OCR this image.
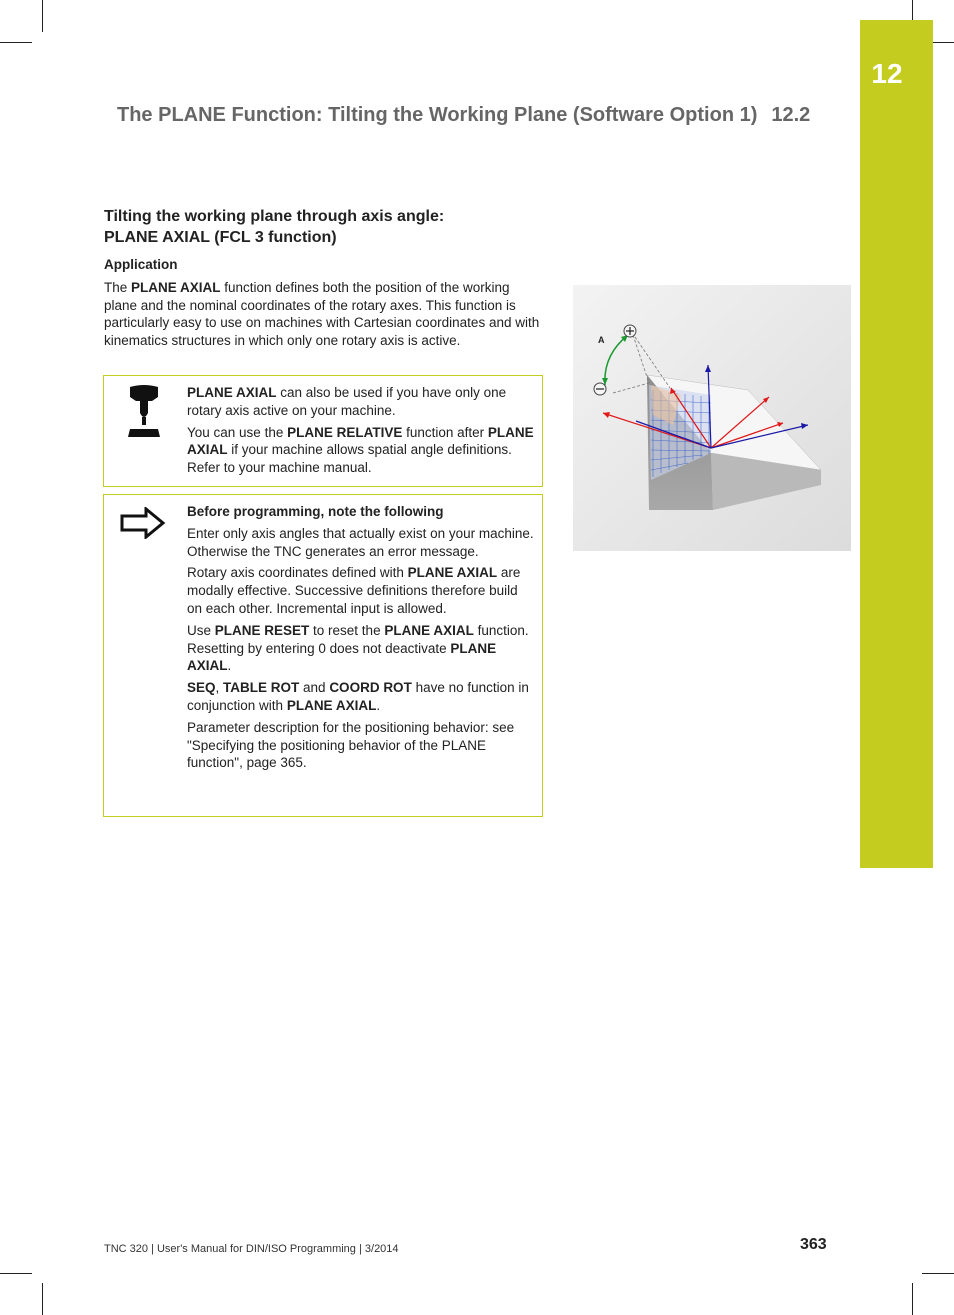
12
The PLANE Function: Tilting the Working Plane (Software Option 1) 12.2
Tilting the working plane through axis angle:
PLANE AXIAL (FCL 3 function)
Application

The PLANE AXIAL function defines both the position of the working plane and the nominal coordinates of the rotary axes. This function is particularly easy to use on machines with Cartesian coordinates and with kinematics structures in which only one rotary axis is active.

PLANE AXIAL can also be used if you have only one rotary axis active on your machine.

You can use the PLANE RELATIVE function after PLANE AXIAL if your machine allows spatial angle definitions. Refer to your machine manual.

Before programming, note the following

Enter only axis angles that actually exist on your machine. Otherwise the TNC generates an error message.

Rotary axis coordinates defined with PLANE AXIAL are modally effective. Successive definitions therefore build on each other. Incremental input is allowed.

Use PLANE RESET to reset the PLANE AXIAL function. Resetting by entering 0 does not deactivate PLANE AXIAL.

SEQ, TABLE ROT and COORD ROT have no function in conjunction with PLANE AXIAL.

Parameter description for the positioning behavior: see "Specifying the positioning behavior of the PLANE function", page 365.

A
TNC 320 | User's Manual for DIN/ISO Programming | 3/2014	363
